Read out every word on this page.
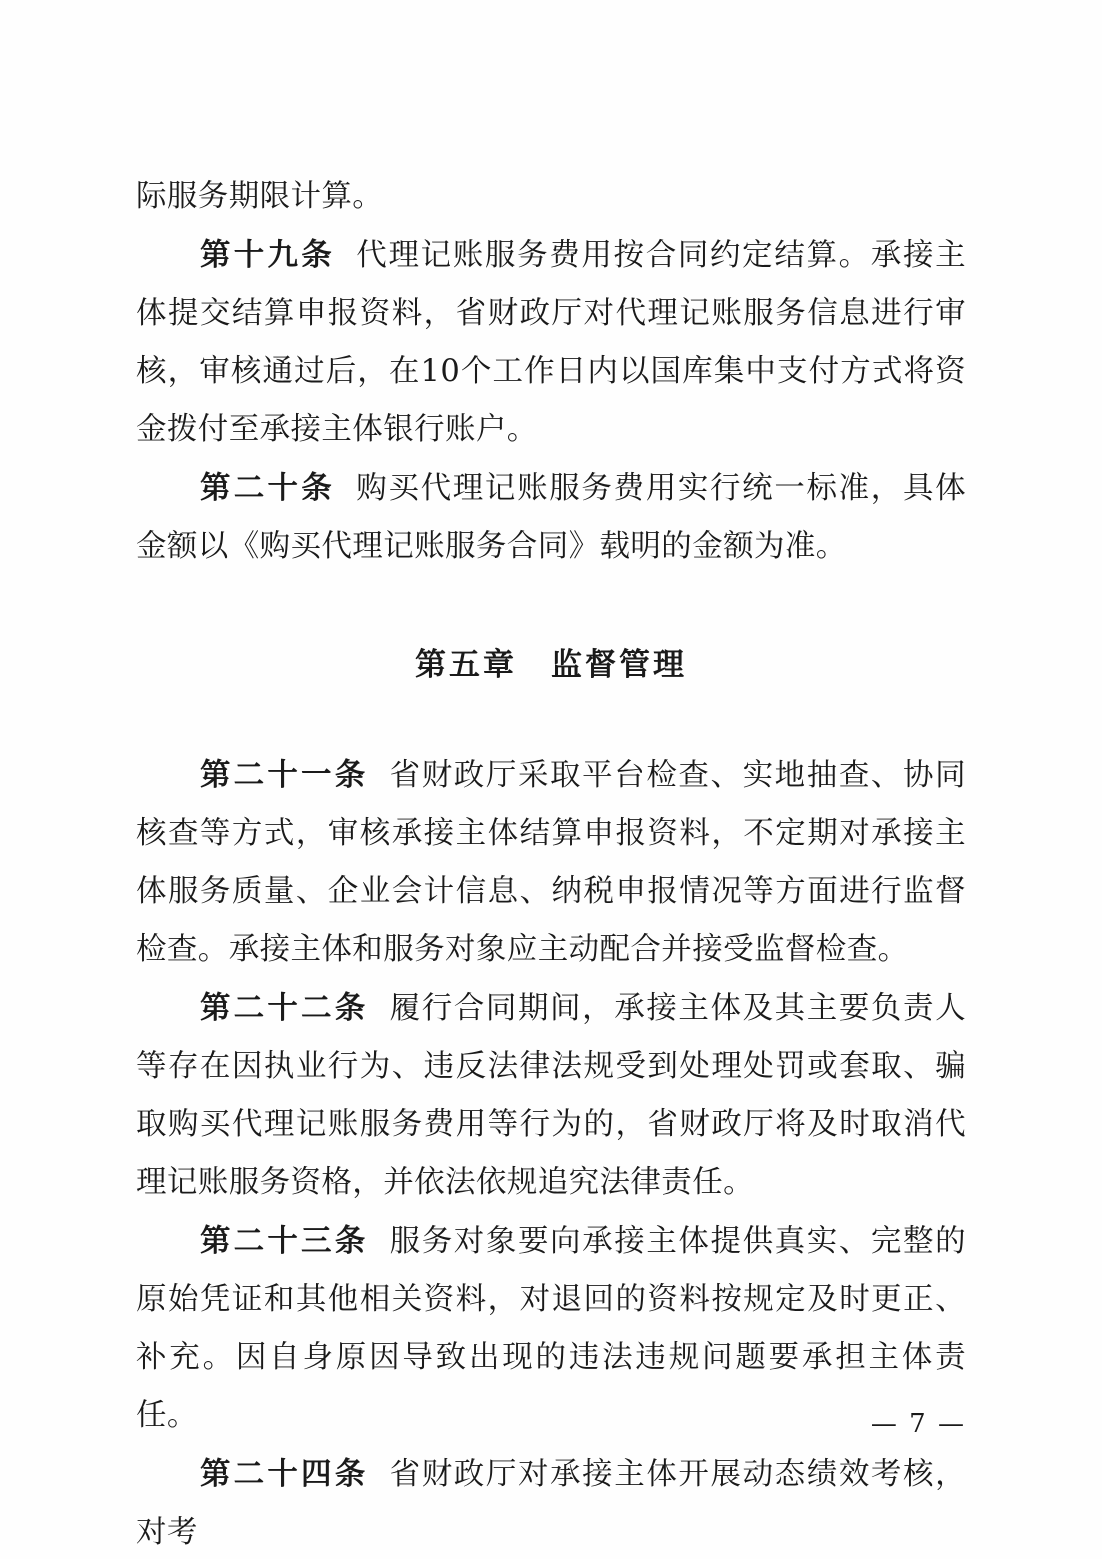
际服务期限计算。

第十九条 代理记账服务费用按合同约定结算。承接主体提交结算申报资料，省财政厅对代理记账服务信息进行审核，审核通过后，在10个工作日内以国库集中支付方式将资金拨付至承接主体银行账户。

第二十条 购买代理记账服务费用实行统一标准，具体金额以《购买代理记账服务合同》载明的金额为准。

第五章 监督管理

第二十一条 省财政厅采取平台检查、实地抽查、协同核查等方式，审核承接主体结算申报资料，不定期对承接主体服务质量、企业会计信息、纳税申报情况等方面进行监督检查。承接主体和服务对象应主动配合并接受监督检查。

第二十二条 履行合同期间，承接主体及其主要负责人等存在因执业行为、违反法律法规受到处理处罚或套取、骗取购买代理记账服务费用等行为的，省财政厅将及时取消代理记账服务资格，并依法依规追究法律责任。

第二十三条 服务对象要向承接主体提供真实、完整的原始凭证和其他相关资料，对退回的资料按规定及时更正、补充。因自身原因导致出现的违法违规问题要承担主体责任。

第二十四条 省财政厅对承接主体开展动态绩效考核，对考

— 7 —
